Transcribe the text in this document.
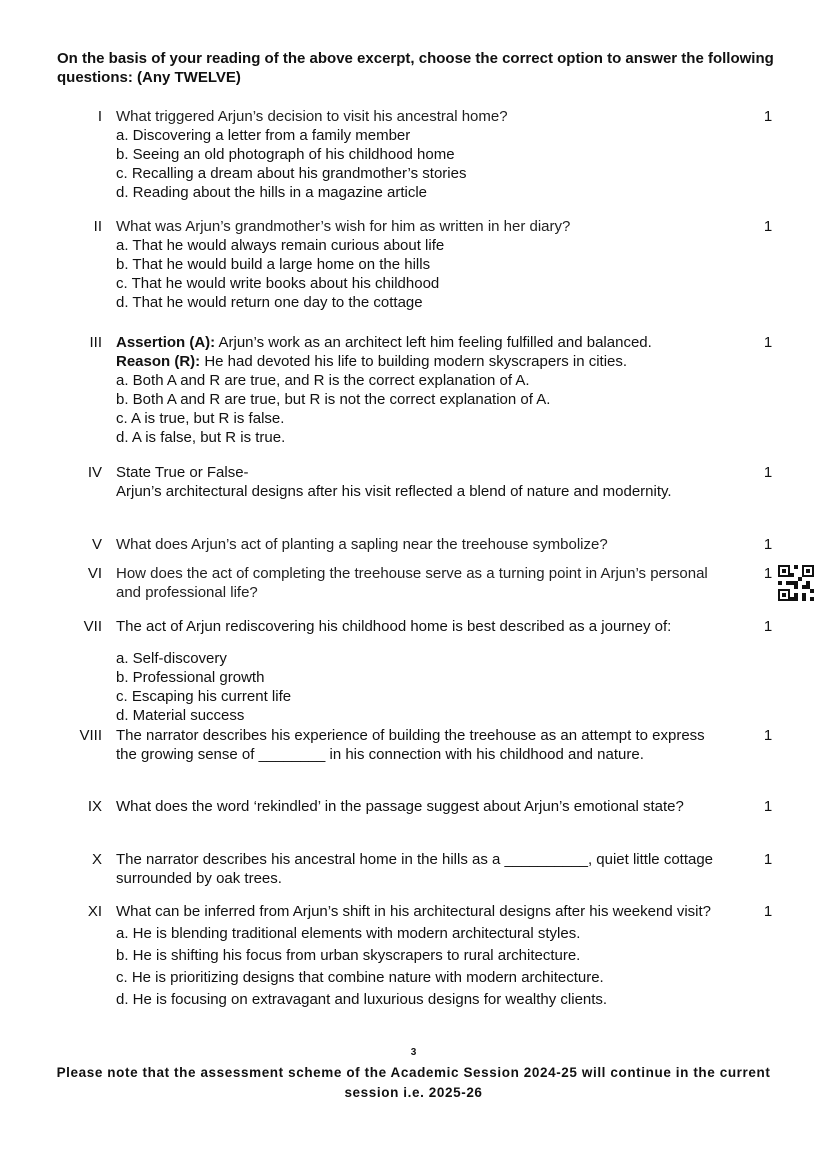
On the basis of your reading of the above excerpt, choose the correct option to answer the following questions: (Any TWELVE)
I	1
What triggered Arjun’s decision to visit his ancestral home?
a. Discovering a letter from a family member
b. Seeing an old photograph of his childhood home
c. Recalling a dream about his grandmother’s stories
d. Reading about the hills in a magazine article
II	1
What was Arjun’s grandmother’s wish for him as written in her diary?
a. That he would always remain curious about life
b. That he would build a large home on the hills
c. That he would write books about his childhood
d. That he would return one day to the cottage
III	1
Assertion (A): Arjun’s work as an architect left him feeling fulfilled and balanced.
Reason (R): He had devoted his life to building modern skyscrapers in cities.
a. Both A and R are true, and R is the correct explanation of A.
b. Both A and R are true, but R is not the correct explanation of A.
c. A is true, but R is false.
d. A is false, but R is true.
IV	1
State True or False-
Arjun’s architectural designs after his visit reflected a blend of nature and modernity.
V	1
What does Arjun’s act of planting a sapling near the treehouse symbolize?
VI	1
How does the act of completing the treehouse serve as a turning point in Arjun’s personal and professional life?
VII	1
The act of Arjun rediscovering his childhood home is best described as a journey of:
a. Self-discovery
b. Professional growth
c. Escaping his current life
d. Material success
VIII	1
The narrator describes his experience of building the treehouse as an attempt to express the growing sense of ________ in his connection with his childhood and nature.
IX	1
What does the word ‘rekindled’ in the passage suggest about Arjun’s emotional state?
X	1
The narrator describes his ancestral home in the hills as a __________, quiet little cottage surrounded by oak trees.
XI	1
What can be inferred from Arjun’s shift in his architectural designs after his weekend visit?
a. He is blending traditional elements with modern architectural styles.
b. He is shifting his focus from urban skyscrapers to rural architecture.
c. He is prioritizing designs that combine nature with modern architecture.
d. He is focusing on extravagant and luxurious designs for wealthy clients.
3
Please note that the assessment scheme of the Academic Session 2024-25 will continue in the current session i.e. 2025-26
